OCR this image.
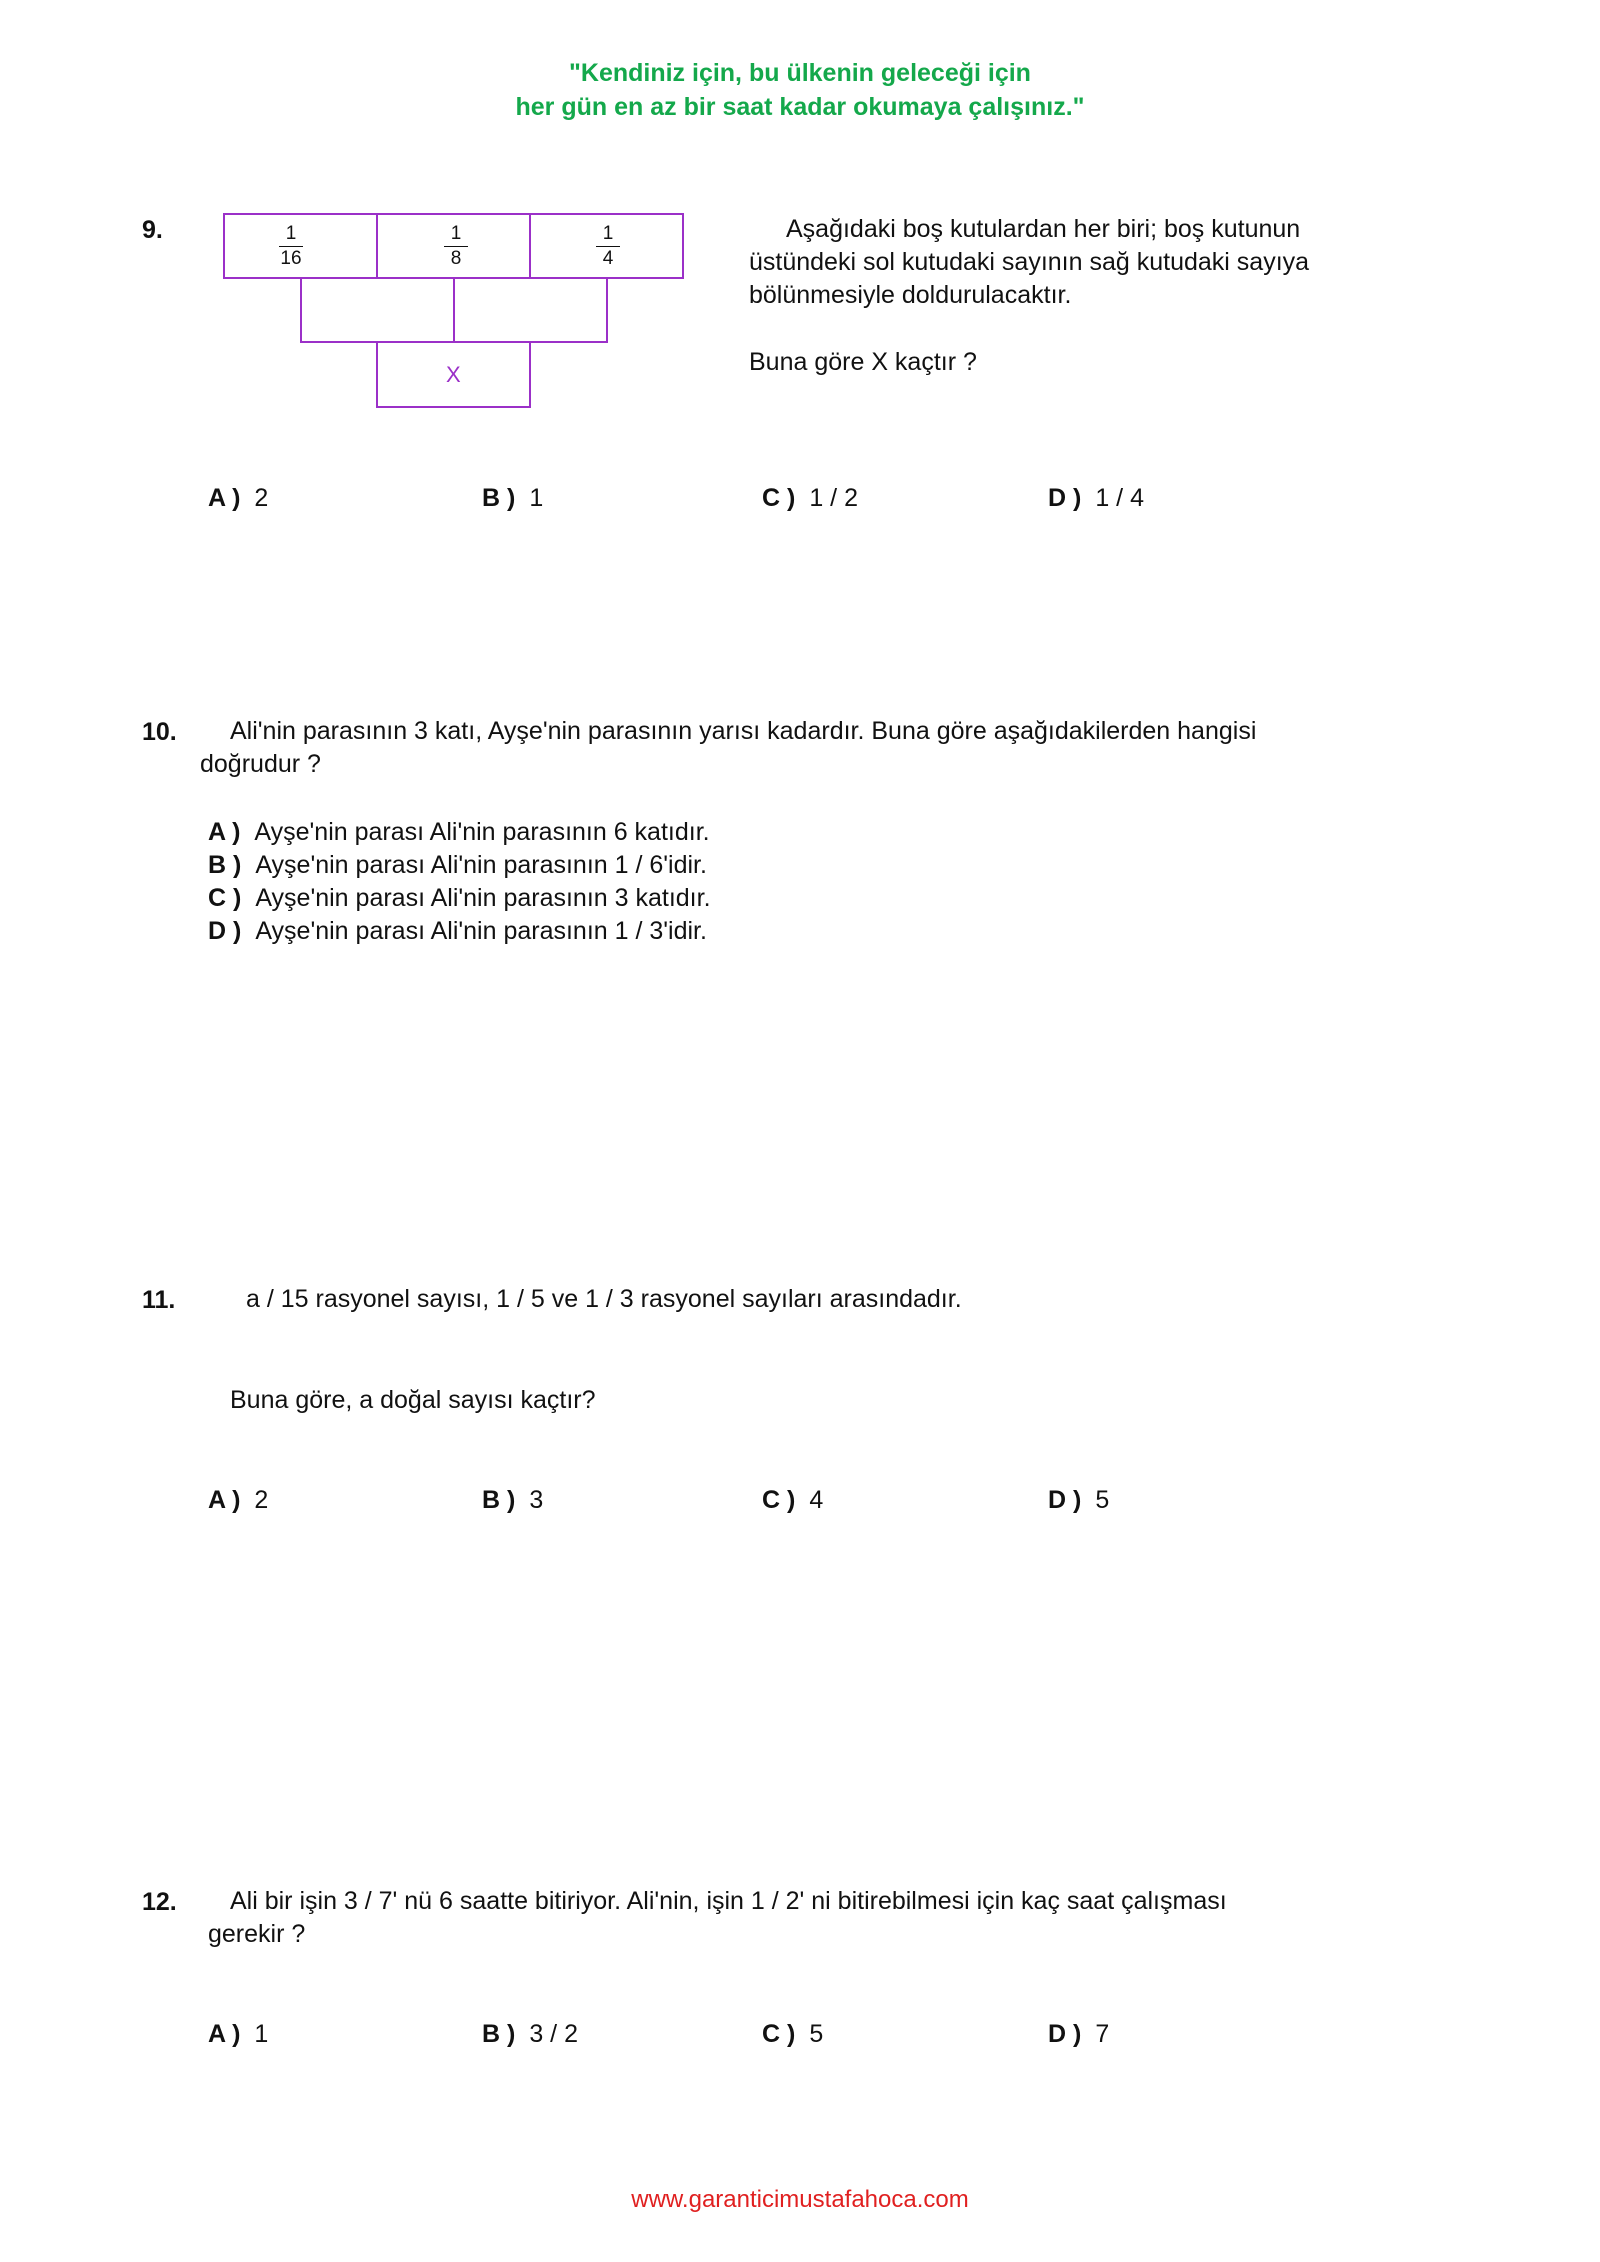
"Kendiniz için, bu ülkenin geleceği için
her gün en az bir saat kadar okumaya çalışınız."
9.	1
16
1
8
1
4
X
Aşağıdaki boş kutulardan her biri; boş kutunun
üstündeki sol kutudaki sayının sağ kutudaki sayıya
bölünmesiyle doldurulacaktır.
Buna göre X kaçtır ?
A ) 2	B ) 1	C ) 1 / 2	D ) 1 / 4
10. Ali'nin parasının 3 katı, Ayşe'nin parasının yarısı kadardır. Buna göre aşağıdakilerden hangisi
doğrudur ?
A ) Ayşe'nin parası Ali'nin parasının 6 katıdır.
B ) Ayşe'nin parası Ali'nin parasının 1 / 6'idir.
C ) Ayşe'nin parası Ali'nin parasının 3 katıdır.
D ) Ayşe'nin parası Ali'nin parasının 1 / 3'idir.
11.	a / 15 rasyonel sayısı, 1 / 5 ve 1 / 3 rasyonel sayıları arasındadır.
Buna göre, a doğal sayısı kaçtır?
A ) 2	B ) 3	C ) 4	D ) 5
12. Ali bir işin 3 / 7' nü 6 saatte bitiriyor. Ali'nin, işin 1 / 2' ni bitirebilmesi için kaç saat çalışması
gerekir ?
A ) 1	B ) 3 / 2	C ) 5	D ) 7
www.garanticimustafahoca.com
